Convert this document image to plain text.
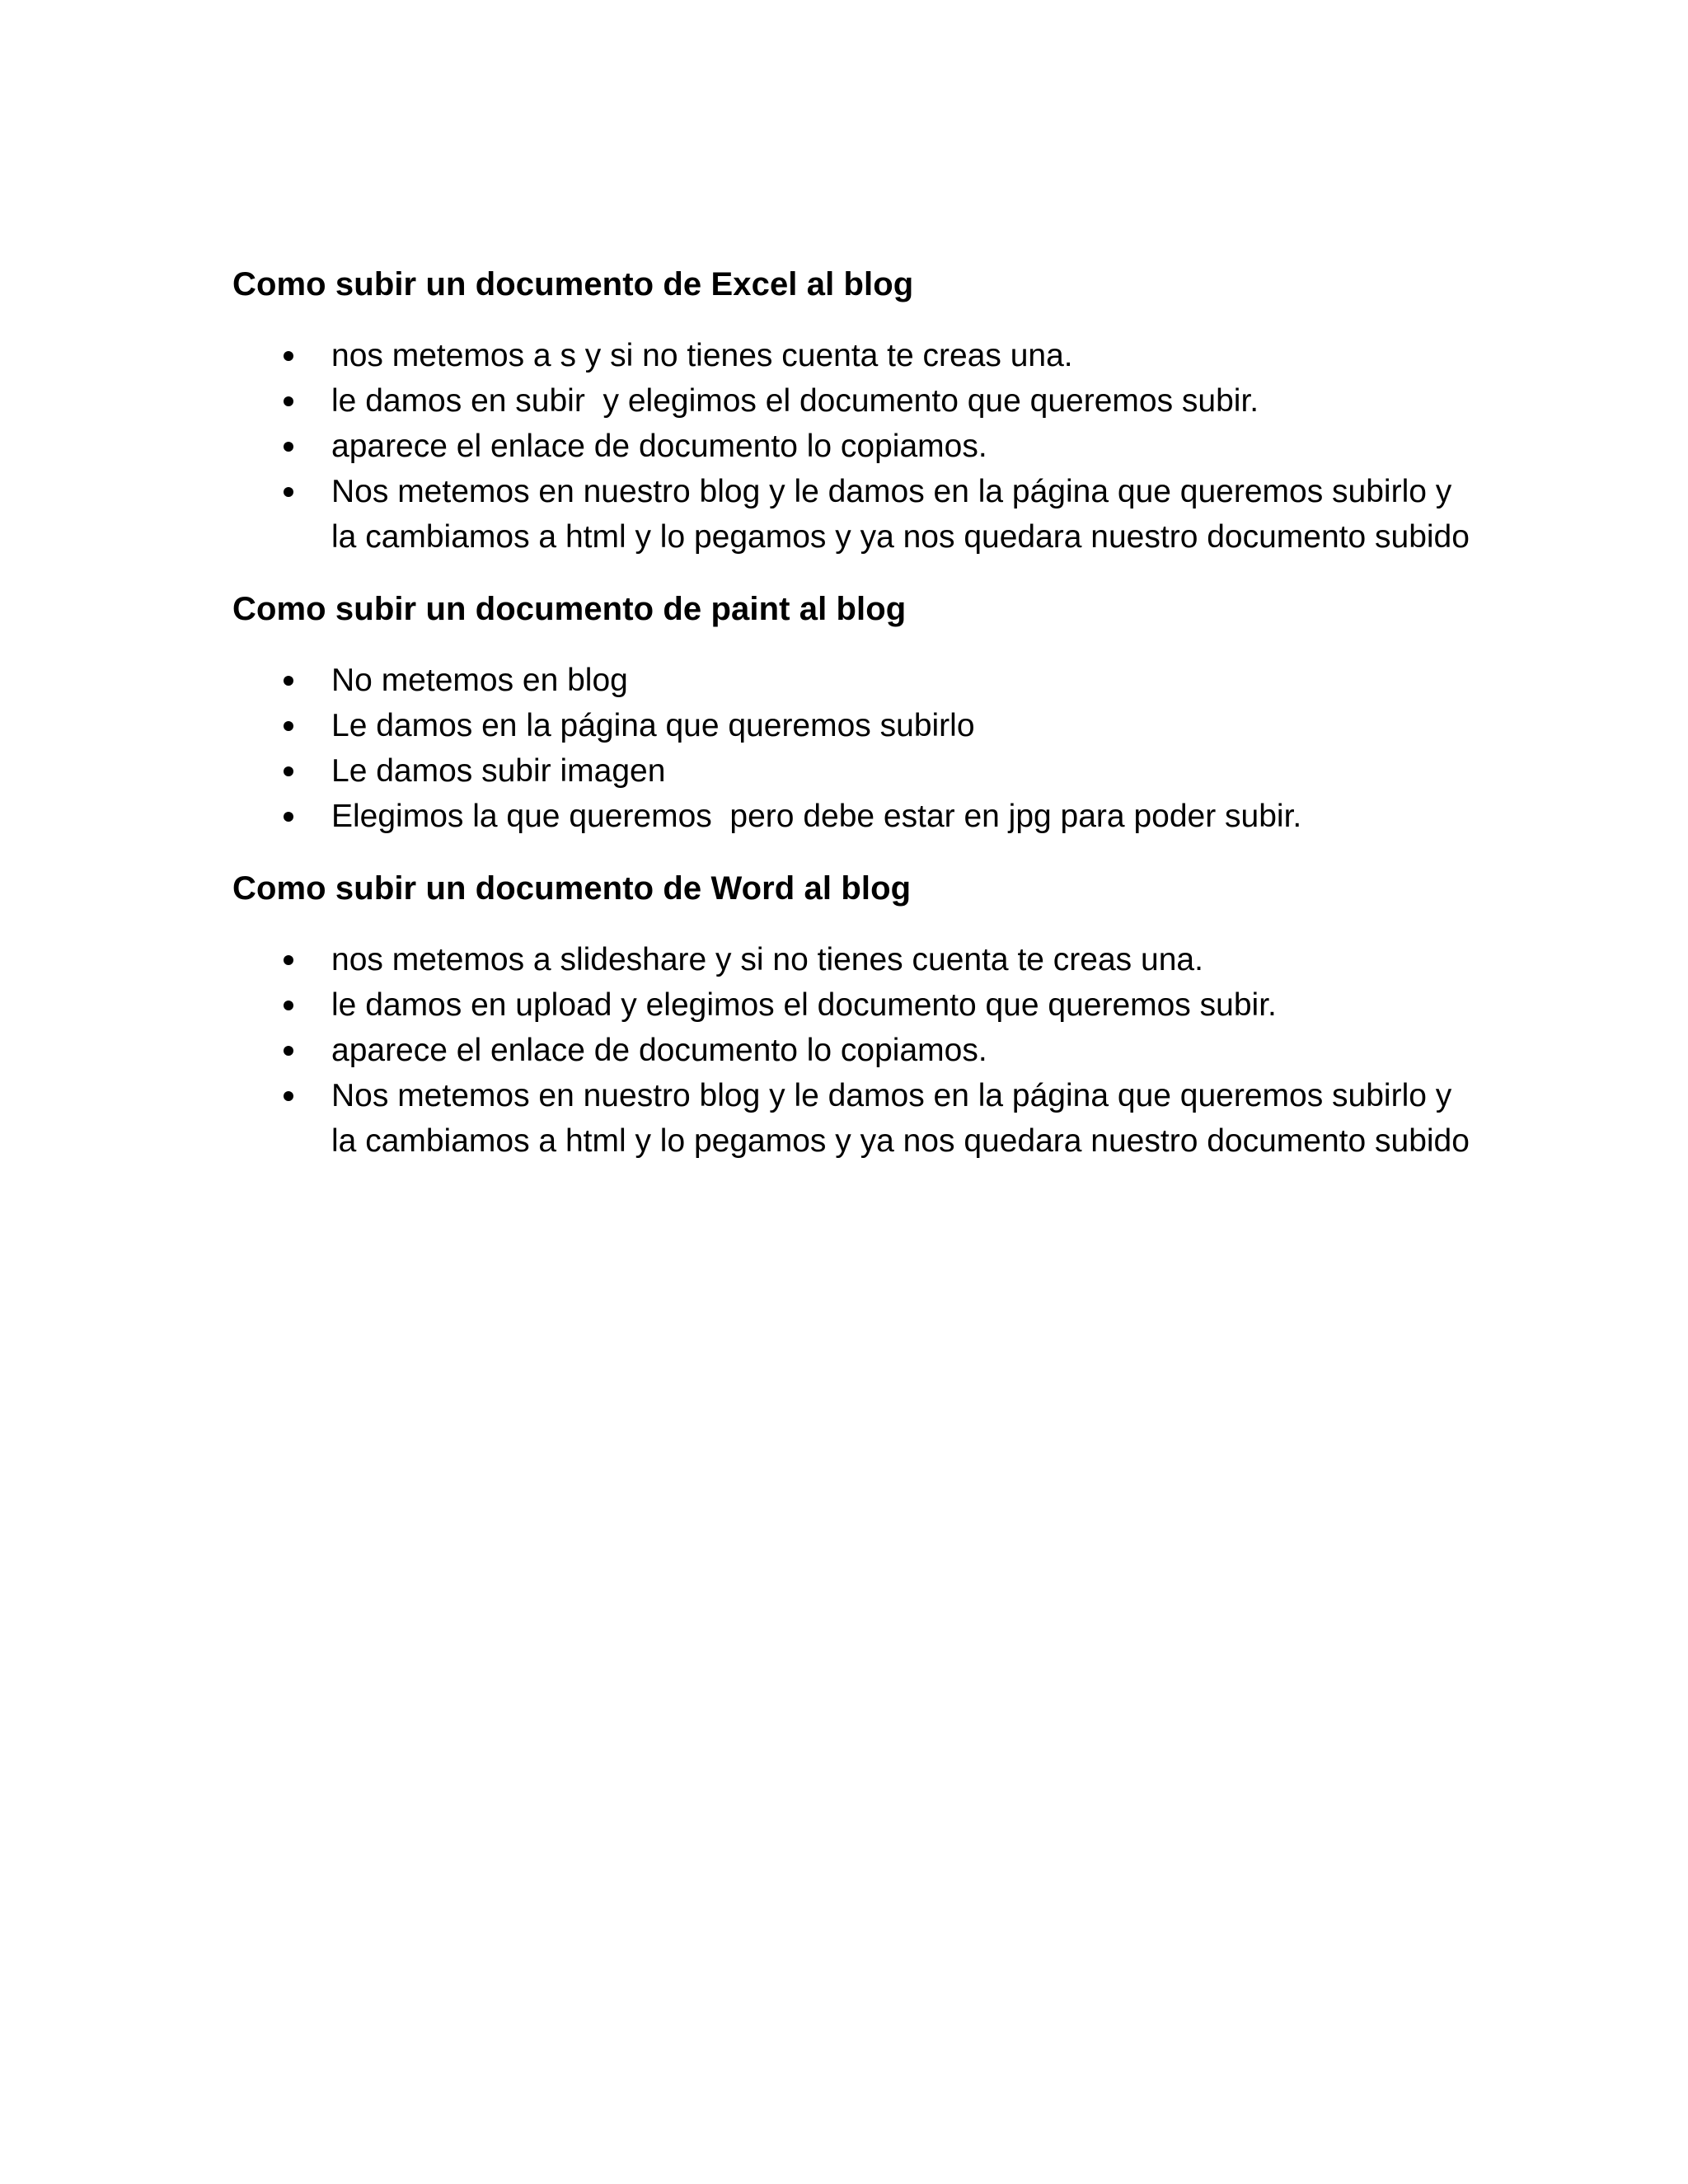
Como subir un documento de Excel al blog
nos metemos a s y si no tienes cuenta te creas una.
le damos en subir  y elegimos el documento que queremos subir.
aparece el enlace de documento lo copiamos.
Nos metemos en nuestro blog y le damos en la página que queremos subirlo y la cambiamos a html y lo pegamos y ya nos quedara nuestro documento subido
Como subir un documento de paint al blog
No metemos en blog
Le damos en la página que queremos subirlo
Le damos subir imagen
Elegimos la que queremos  pero debe estar en jpg para poder subir.
Como subir un documento de Word al blog
nos metemos a slideshare y si no tienes cuenta te creas una.
le damos en upload y elegimos el documento que queremos subir.
aparece el enlace de documento lo copiamos.
Nos metemos en nuestro blog y le damos en la página que queremos subirlo y la cambiamos a html y lo pegamos y ya nos quedara nuestro documento subido
